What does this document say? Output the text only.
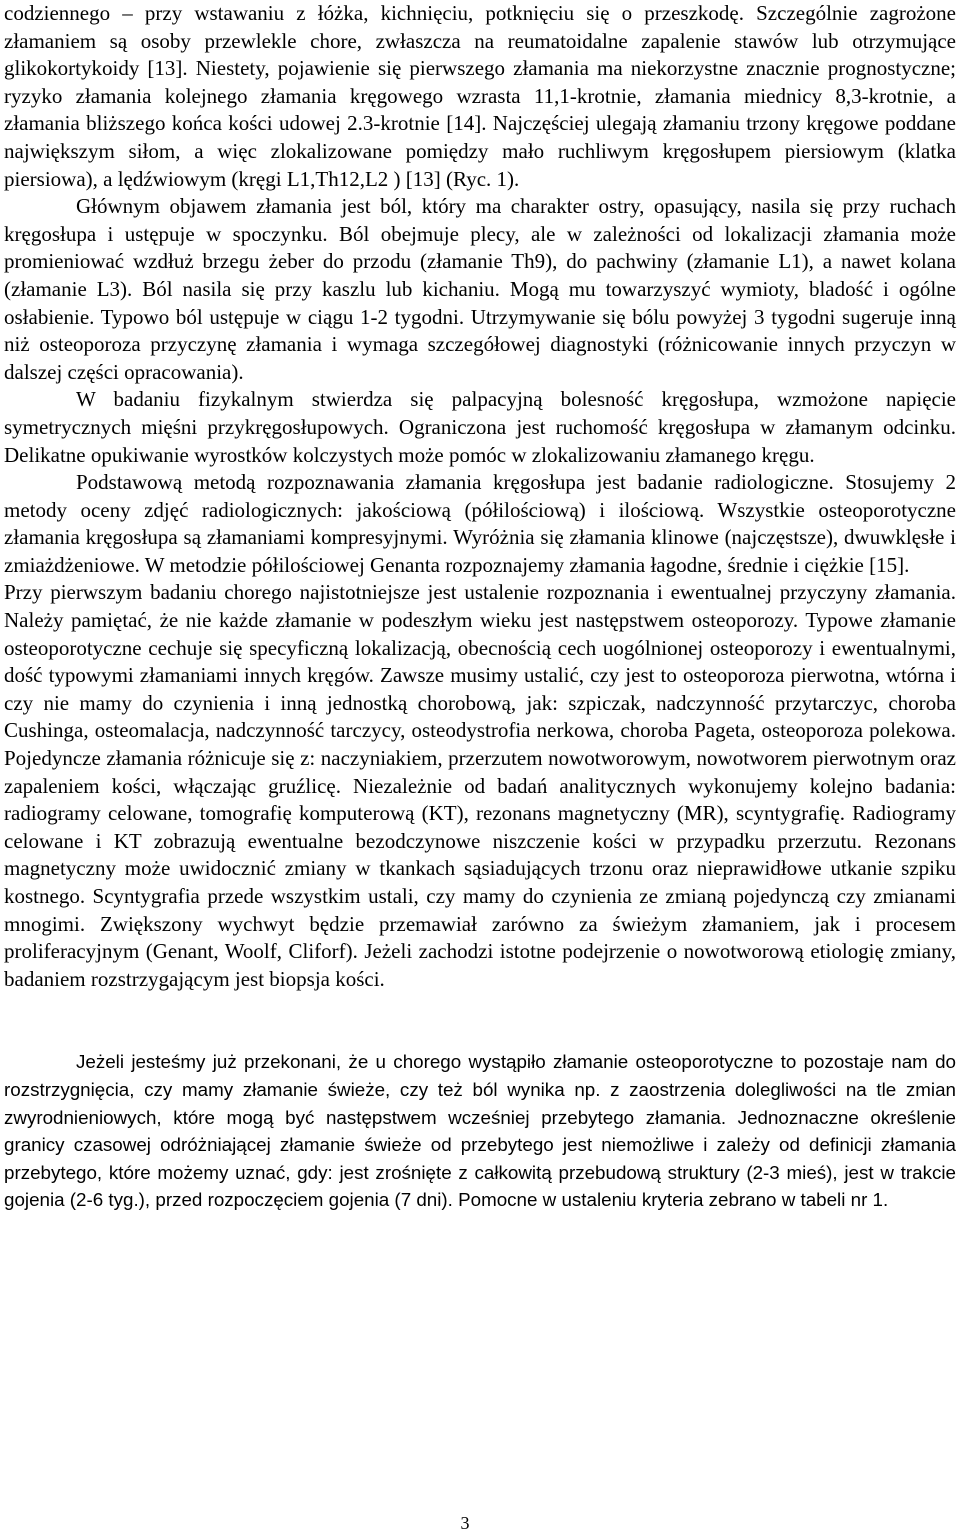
codziennego – przy wstawaniu z łóżka, kichnięciu, potknięciu się o przeszkodę. Szczególnie zagrożone złamaniem są osoby przewlekle chore, zwłaszcza na reumatoidalne zapalenie stawów lub otrzymujące glikokortykoidy [13]. Niestety, pojawienie się pierwszego złamania ma niekorzystne znacznie prognostyczne; ryzyko złamania kolejnego złamania kręgowego wzrasta 11,1-krotnie, złamania miednicy 8,3-krotnie, a złamania bliższego końca kości udowej 2.3-krotnie [14]. Najczęściej ulegają złamaniu trzony kręgowe poddane największym siłom, a więc zlokalizowane pomiędzy mało ruchliwym kręgosłupem piersiowym (klatka piersiowa), a lędźwiowym (kręgi L1,Th12,L2 ) [13] (Ryc. 1).

Głównym objawem złamania jest ból, który ma charakter ostry, opasujący, nasila się przy ruchach kręgosłupa i ustępuje w spoczynku. Ból obejmuje plecy, ale w zależności od lokalizacji złamania może promieniować wzdłuż brzegu żeber do przodu (złamanie Th9), do pachwiny (złamanie L1), a nawet kolana (złamanie L3). Ból nasila się przy kaszlu lub kichaniu. Mogą mu towarzyszyć wymioty, bladość i ogólne osłabienie. Typowo ból ustępuje w ciągu 1-2 tygodni. Utrzymywanie się bólu powyżej 3 tygodni sugeruje inną niż osteoporoza przyczynę złamania i wymaga szczegółowej diagnostyki (różnicowanie innych przyczyn w dalszej części opracowania).

W badaniu fizykalnym stwierdza się palpacyjną bolesność kręgosłupa, wzmożone napięcie symetrycznych mięśni przykręgosłupowych. Ograniczona jest ruchomość kręgosłupa w złamanym odcinku. Delikatne opukiwanie wyrostków kolczystych może pomóc w zlokalizowaniu złamanego kręgu.

Podstawową metodą rozpoznawania złamania kręgosłupa jest badanie radiologiczne. Stosujemy 2 metody oceny zdjęć radiologicznych: jakościową (półilościową) i ilościową. Wszystkie osteoporotyczne złamania kręgosłupa są złamaniami kompresyjnymi. Wyróżnia się złamania klinowe (najczęstsze), dwuwklęsłe i zmiażdżeniowe. W metodzie półilościowej Genanta rozpoznajemy złamania łagodne, średnie i ciężkie [15].

Przy pierwszym badaniu chorego najistotniejsze jest ustalenie rozpoznania i ewentualnej przyczyny złamania. Należy pamiętać, że nie każde złamanie w podeszłym wieku jest następstwem osteoporozy. Typowe złamanie osteoporotyczne cechuje się specyficzną lokalizacją, obecnością cech uogólnionej osteoporozy i ewentualnymi, dość typowymi złamaniami innych kręgów. Zawsze musimy ustalić, czy jest to osteoporoza pierwotna, wtórna i czy nie mamy do czynienia i inną jednostką chorobową, jak: szpiczak, nadczynność przytarczyc, choroba Cushinga, osteomalacja, nadczynność tarczycy, osteodystrofia nerkowa, choroba Pageta, osteoporoza polekowa. Pojedyncze złamania różnicuje się z: naczyniakiem, przerzutem nowotworowym, nowotworem pierwotnym oraz zapaleniem kości, włączając gruźlicę. Niezależnie od badań analitycznych wykonujemy kolejno badania: radiogramy celowane, tomografię komputerową (KT), rezonans magnetyczny (MR), scyntygrafię. Radiogramy celowane i KT zobrazują ewentualne bezodczynowe niszczenie kości w przypadku przerzutu. Rezonans magnetyczny może uwidocznić zmiany w tkankach sąsiadujących trzonu oraz nieprawidłowe utkanie szpiku kostnego. Scyntygrafia przede wszystkim ustali, czy mamy do czynienia ze zmianą pojedynczą czy zmianami mnogimi. Zwiększony wychwyt będzie przemawiał zarówno za świeżym złamaniem, jak i procesem proliferacyjnym (Genant, Woolf, Cliforf). Jeżeli zachodzi istotne podejrzenie o nowotworową etiologię zmiany, badaniem rozstrzygającym jest biopsja kości.

Jeżeli jesteśmy już przekonani, że u chorego wystąpiło złamanie osteoporotyczne to pozostaje nam do rozstrzygnięcia, czy mamy złamanie świeże, czy też ból wynika np. z zaostrzenia dolegliwości na tle zmian zwyrodnieniowych, które mogą być następstwem wcześniej przebytego złamania. Jednoznaczne określenie granicy czasowej odróżniającej złamanie świeże od przebytego jest niemożliwe i zależy od definicji złamania przebytego, które możemy uznać, gdy: jest zrośnięte z całkowitą przebudową struktury (2-3 mieś), jest w trakcie gojenia (2-6 tyg.), przed rozpoczęciem gojenia (7 dni). Pomocne w ustaleniu kryteria zebrano w tabeli nr 1.

3
